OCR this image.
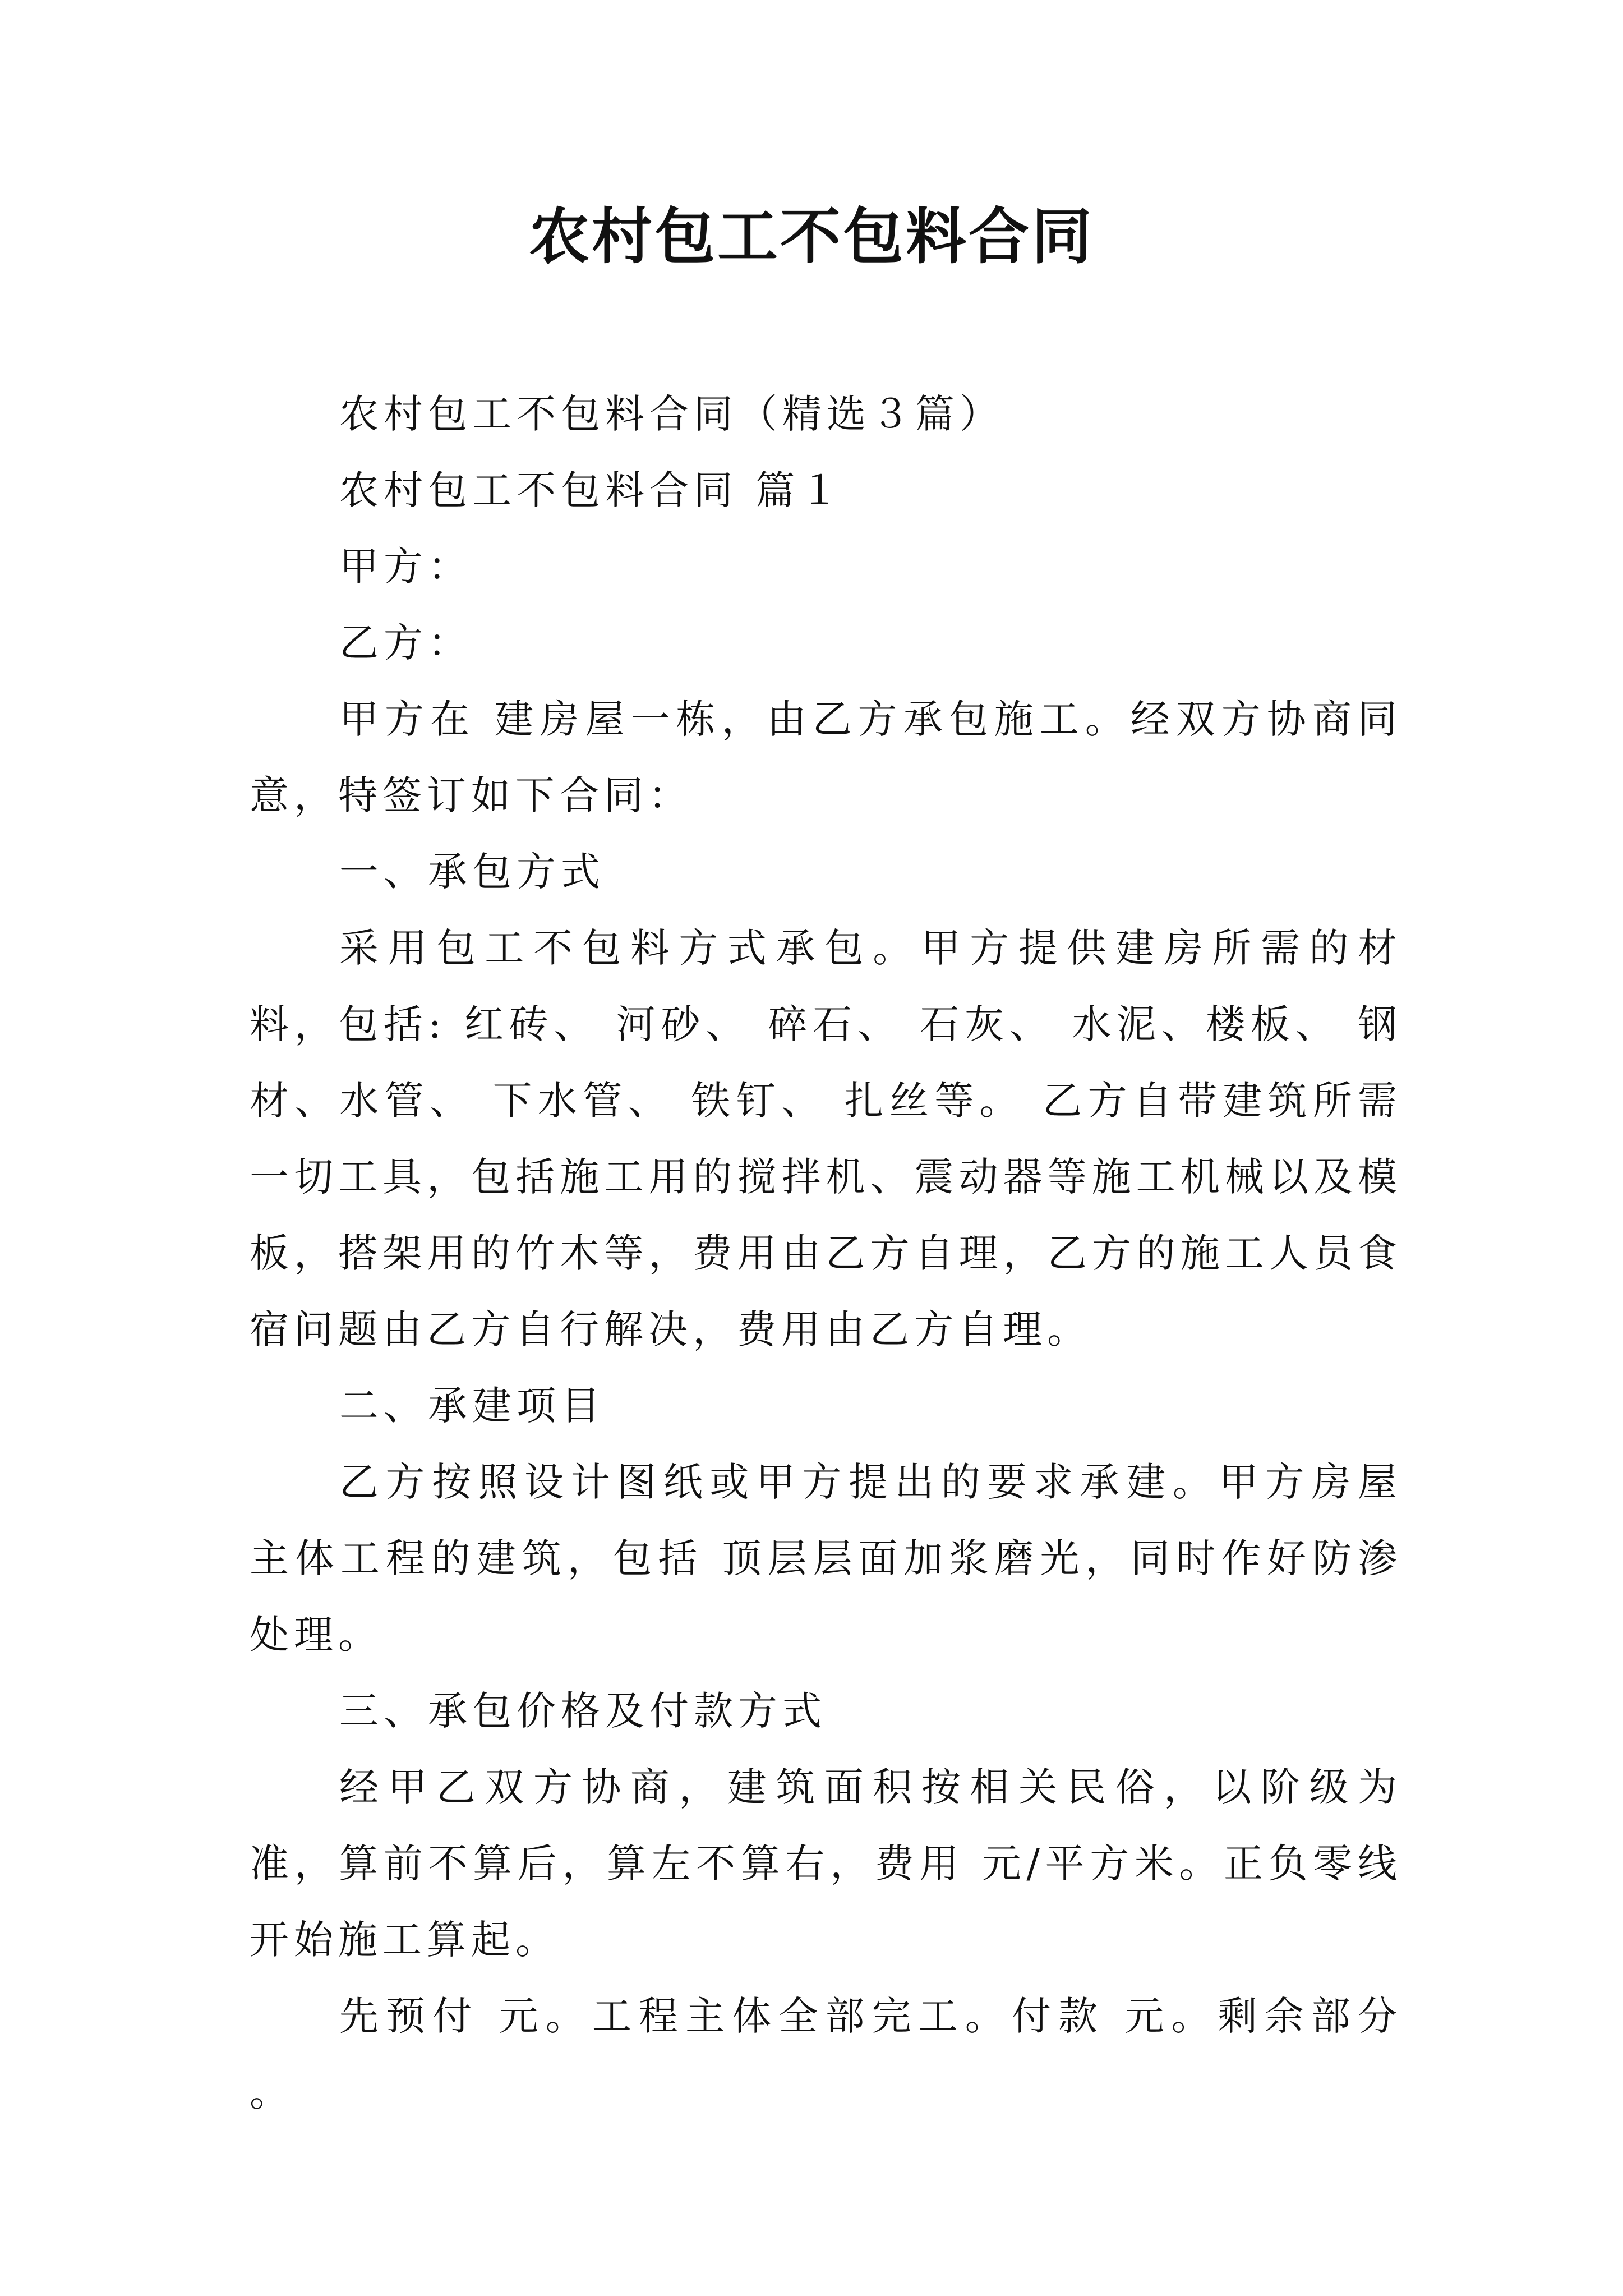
农村包工不包料合同

农村包工不包料合同（精选３篇）

农村包工不包料合同 篇１

甲方：

乙方：

甲方在 建房屋一栋，由乙方承包施工。经双方协商同意，特签订如下合同：

一、承包方式

采用包工不包料方式承包。甲方提供建房所需的材料，包括: 红砖、 河砂、 碎石、 石灰、 水泥、楼板、 钢材、水管、 下水管、 铁钉、 扎丝等。 乙方自带建筑所需一切工具，包括施工用的搅拌机、震动器等施工机械以及模板，搭架用的竹木等，费用由乙方自理，乙方的施工人员食宿问题由乙方自行解决，费用由乙方自理。

二、承建项目

乙方按照设计图纸或甲方提出的要求承建。甲方房屋主体工程的建筑，包括 顶层层面加浆磨光，同时作好防渗处理。

三、承包价格及付款方式

经甲乙双方协商，建筑面积按相关民俗，以阶级为准，算前不算后，算左不算右，费用 元/平方米。正负零线开始施工算起。

先预付 元。工程主体全部完工。付款 元。剩余部分 。
